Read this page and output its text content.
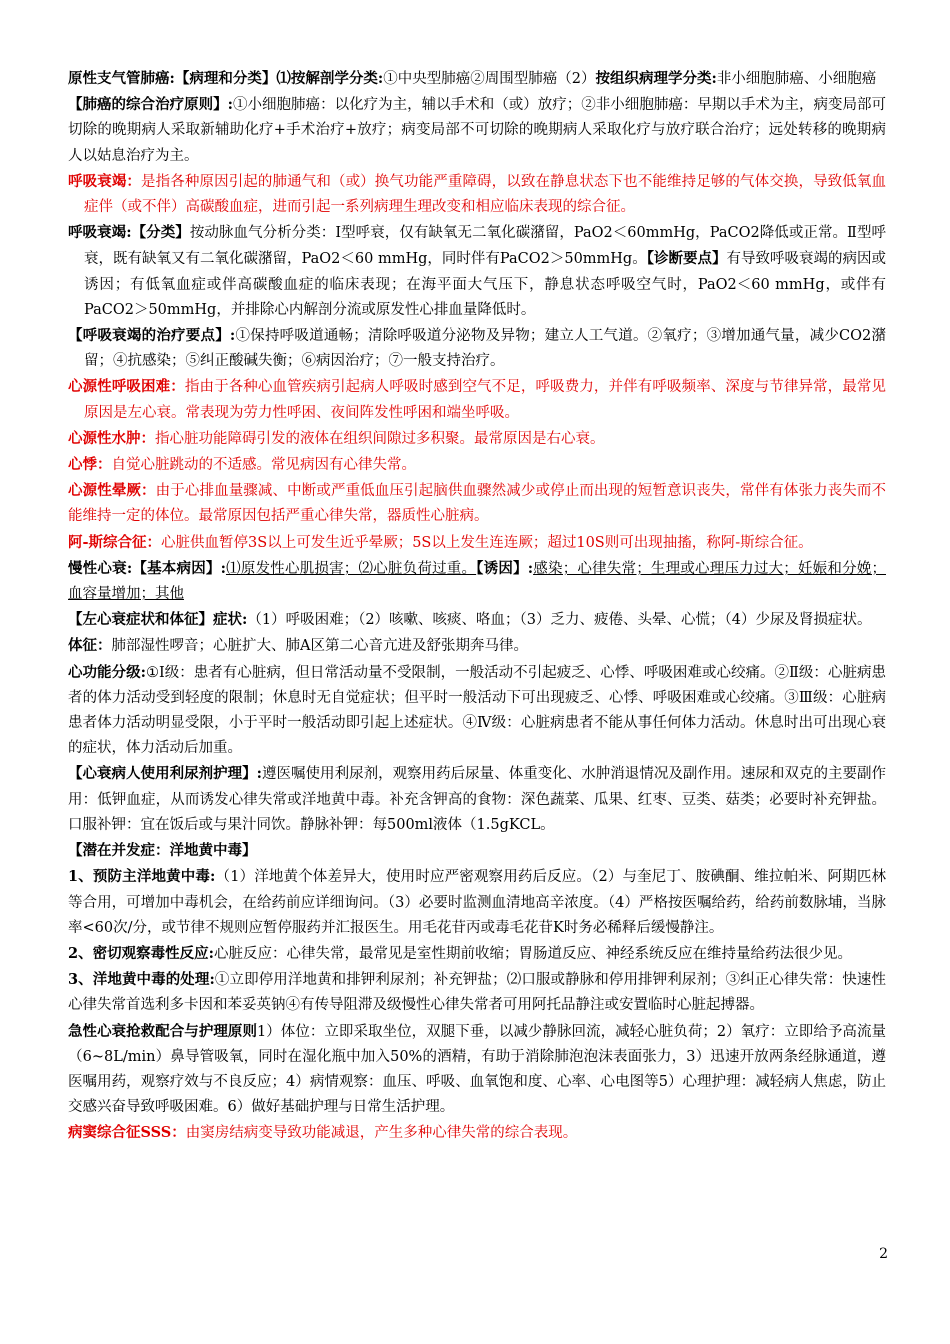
原性支气管肺癌:【病理和分类】⑴按解剖学分类:①中央型肺癌②周围型肺癌（2）按组织病理学分类:非小细胞肺癌、小细胞癌

【肺癌的综合治疗原则】:①小细胞肺癌：以化疗为主，辅以手术和（或）放疗；②非小细胞肺癌：早期以手术为主，病变局部可切除的晚期病人采取新辅助化疗+手术治疗+放疗；病变局部不可切除的晚期病人采取化疗与放疗联合治疗；远处转移的晚期病人以姑息治疗为主。

呼吸衰竭：是指各种原因引起的肺通气和（或）换气功能严重障碍，以致在静息状态下也不能维持足够的气体交换，导致低氧血症伴（或不伴）高碳酸血症，进而引起一系列病理生理改变和相应临床表现的综合征。

呼吸衰竭:【分类】按动脉血气分析分类：Ⅰ型呼衰，仅有缺氧无二氧化碳潴留，PaO2＜60mmHg，PaCO2降低或正常。Ⅱ型呼衰，既有缺氧又有二氧化碳潴留，PaO2＜60 mmHg，同时伴有PaCO2＞50mmHg。【诊断要点】有导致呼吸衰竭的病因或诱因；有低氧血症或伴高碳酸血症的临床表现；在海平面大气压下，静息状态呼吸空气时，PaO2＜60 mmHg，或伴有PaCO2＞50mmHg，并排除心内解剖分流或原发性心排血量降低时。

【呼吸衰竭的治疗要点】:①保持呼吸道通畅；清除呼吸道分泌物及异物；建立人工气道。②氧疗；③增加通气量，减少CO2潴留；④抗感染；⑤纠正酸碱失衡；⑥病因治疗；⑦一般支持治疗。

心源性呼吸困难：指由于各种心血管疾病引起病人呼吸时感到空气不足，呼吸费力，并伴有呼吸频率、深度与节律异常，最常见原因是左心衰。常表现为劳力性呼困、夜间阵发性呼困和端坐呼吸。

心源性水肿：指心脏功能障碍引发的液体在组织间隙过多积聚。最常原因是右心衰。

心悸：自觉心脏跳动的不适感。常见病因有心律失常。

心源性晕厥：由于心排血量骤减、中断或严重低血压引起脑供血骤然减少或停止而出现的短暂意识丧失，常伴有体张力丧失而不能维持一定的体位。最常原因包括严重心律失常，器质性心脏病。

阿-斯综合征：心脏供血暂停3S以上可发生近乎晕厥；5S以上发生连连厥；超过10S则可出现抽搐，称阿-斯综合征。

慢性心衰:【基本病因】:⑴原发性心肌损害；⑵心脏负荷过重。【诱因】:感染；心律失常；生理或心理压力过大；妊娠和分娩；血容量增加；其他

【左心衰症状和体征】症状:（1）呼吸困难；（2）咳嗽、咳痰、咯血；（3）乏力、疲倦、头晕、心慌；（4）少尿及肾损症状。

体征：肺部湿性啰音；心脏扩大、肺A区第二心音亢进及舒张期奔马律。

心功能分级:①Ⅰ级：患者有心脏病，但日常活动量不受限制，一般活动不引起疲乏、心悸、呼吸困难或心绞痛。②Ⅱ级：心脏病患者的体力活动受到轻度的限制；休息时无自觉症状；但平时一般活动下可出现疲乏、心悸、呼吸困难或心绞痛。③Ⅲ级：心脏病患者体力活动明显受限，小于平时一般活动即引起上述症状。④Ⅳ级：心脏病患者不能从事任何体力活动。休息时出可出现心衰的症状，体力活动后加重。

【心衰病人使用利尿剂护理】:遵医嘱使用利尿剂，观察用药后尿量、体重变化、水肿消退情况及副作用。速尿和双克的主要副作用：低钾血症，从而诱发心律失常或洋地黄中毒。补充含钾高的食物：深色蔬菜、瓜果、红枣、豆类、菇类；必要时补充钾盐。口服补钾：宜在饭后或与果汁同饮。静脉补钾：每500ml液体（1.5gKCL。

【潜在并发症：洋地黄中毒】

1、预防主洋地黄中毒:（1）洋地黄个体差异大，使用时应严密观察用药后反应。（2）与奎尼丁、胺碘酮、维拉帕米、阿期匹林等合用，可增加中毒机会，在给药前应详细询问。（3）必要时监测血清地高辛浓度。（4）严格按医嘱给药，给药前数脉埔，当脉率<60次/分，或节律不规则应暂停服药并汇报医生。用毛花苷丙或毒毛花苷K时务必稀释后缓慢静注。

2、密切观察毒性反应:心脏反应：心律失常，最常见是室性期前收缩；胃肠道反应、神经系统反应在维持量给药法很少见。

3、洋地黄中毒的处理:①立即停用洋地黄和排钾利尿剂；补充钾盐；⑵口服或静脉和停用排钾利尿剂；③纠正心律失常：快速性心律失常首选利多卡因和苯妥英钠④有传导阻滞及级慢性心律失常者可用阿托品静注或安置临时心脏起搏器。

急性心衰抢救配合与护理原则1）体位：立即采取坐位，双腿下垂，以减少静脉回流，减轻心脏负荷；2）氧疗：立即给予高流量（6~8L/min）鼻导管吸氧，同时在湿化瓶中加入50%的酒精，有助于消除肺泡泡沫表面张力，3）迅速开放两条经脉通道，遵医嘱用药，观察疗效与不良反应；4）病情观察：血压、呼吸、血氧饱和度、心率、心电图等5）心理护理：减轻病人焦虑，防止交感兴奋导致呼吸困难。6）做好基础护理与日常生活护理。

病窦综合征SSS：由窦房结病变导致功能减退，产生多种心律失常的综合表现。

2
